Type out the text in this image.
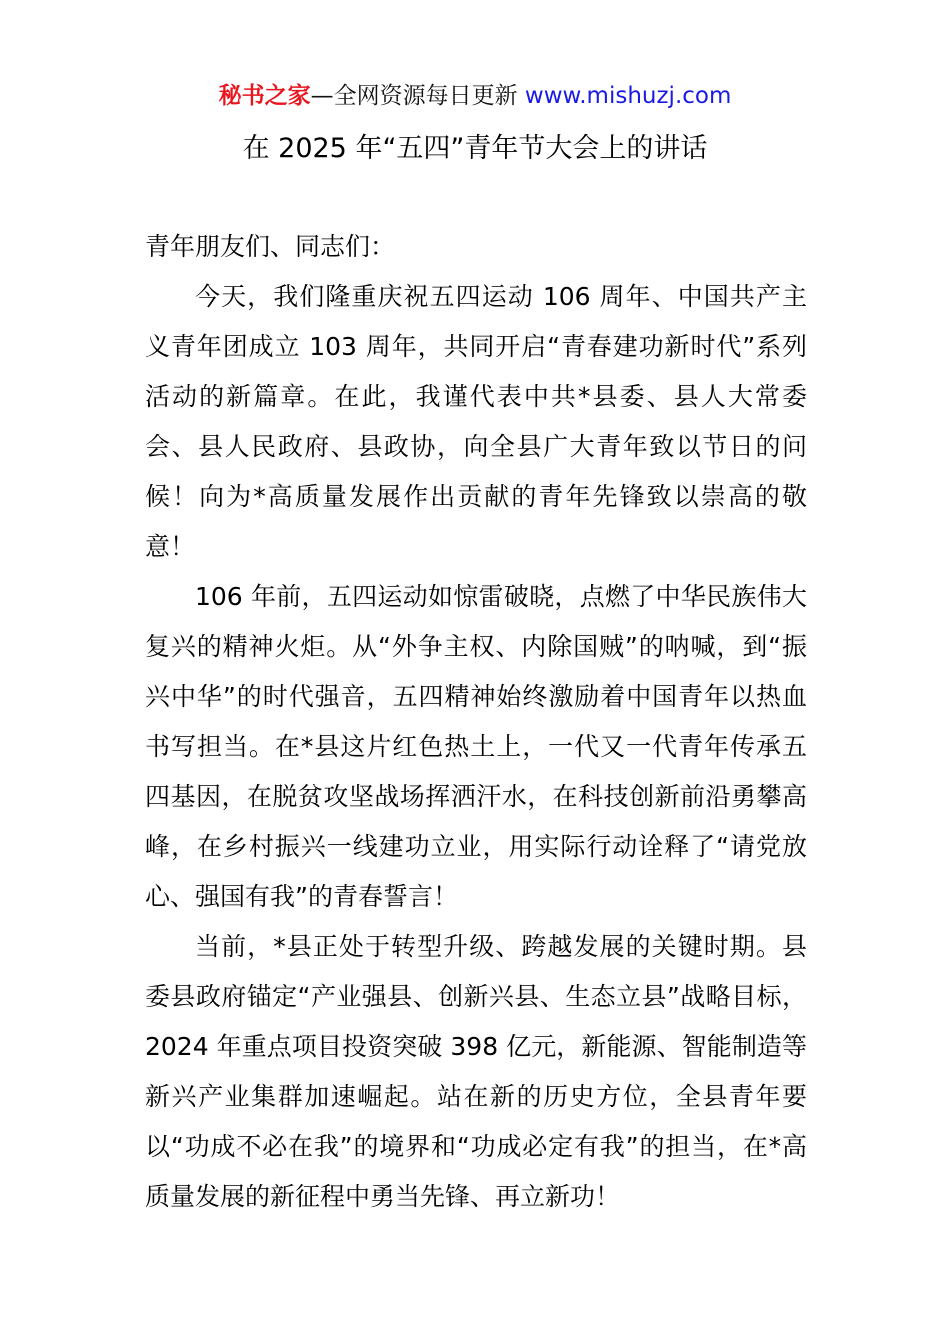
秘书之家—全网资源每日更新 www.mishuzj.com
在 2025 年“五四”青年节大会上的讲话

青年朋友们、同志们：

今天，我们隆重庆祝五四运动 106 周年、中国共产主义青年团成立 103 周年，共同开启“青春建功新时代”系列活动的新篇章。在此，我谨代表中共*县委、县人大常委会、县人民政府、县政协，向全县广大青年致以节日的问候！向为*高质量发展作出贡献的青年先锋致以崇高的敬意！

106 年前，五四运动如惊雷破晓，点燃了中华民族伟大复兴的精神火炬。从“外争主权、内除国贼”的呐喊，到“振兴中华”的时代强音，五四精神始终激励着中国青年以热血书写担当。在*县这片红色热土上，一代又一代青年传承五四基因，在脱贫攻坚战场挥洒汗水，在科技创新前沿勇攀高峰，在乡村振兴一线建功立业，用实际行动诠释了“请党放心、强国有我”的青春誓言！

当前，*县正处于转型升级、跨越发展的关键时期。县委县政府锚定“产业强县、创新兴县、生态立县”战略目标，2024 年重点项目投资突破 398 亿元，新能源、智能制造等新兴产业集群加速崛起。站在新的历史方位，全县青年要以“功成不必在我”的境界和“功成必定有我”的担当，在*高质量发展的新征程中勇当先锋、再立新功！
